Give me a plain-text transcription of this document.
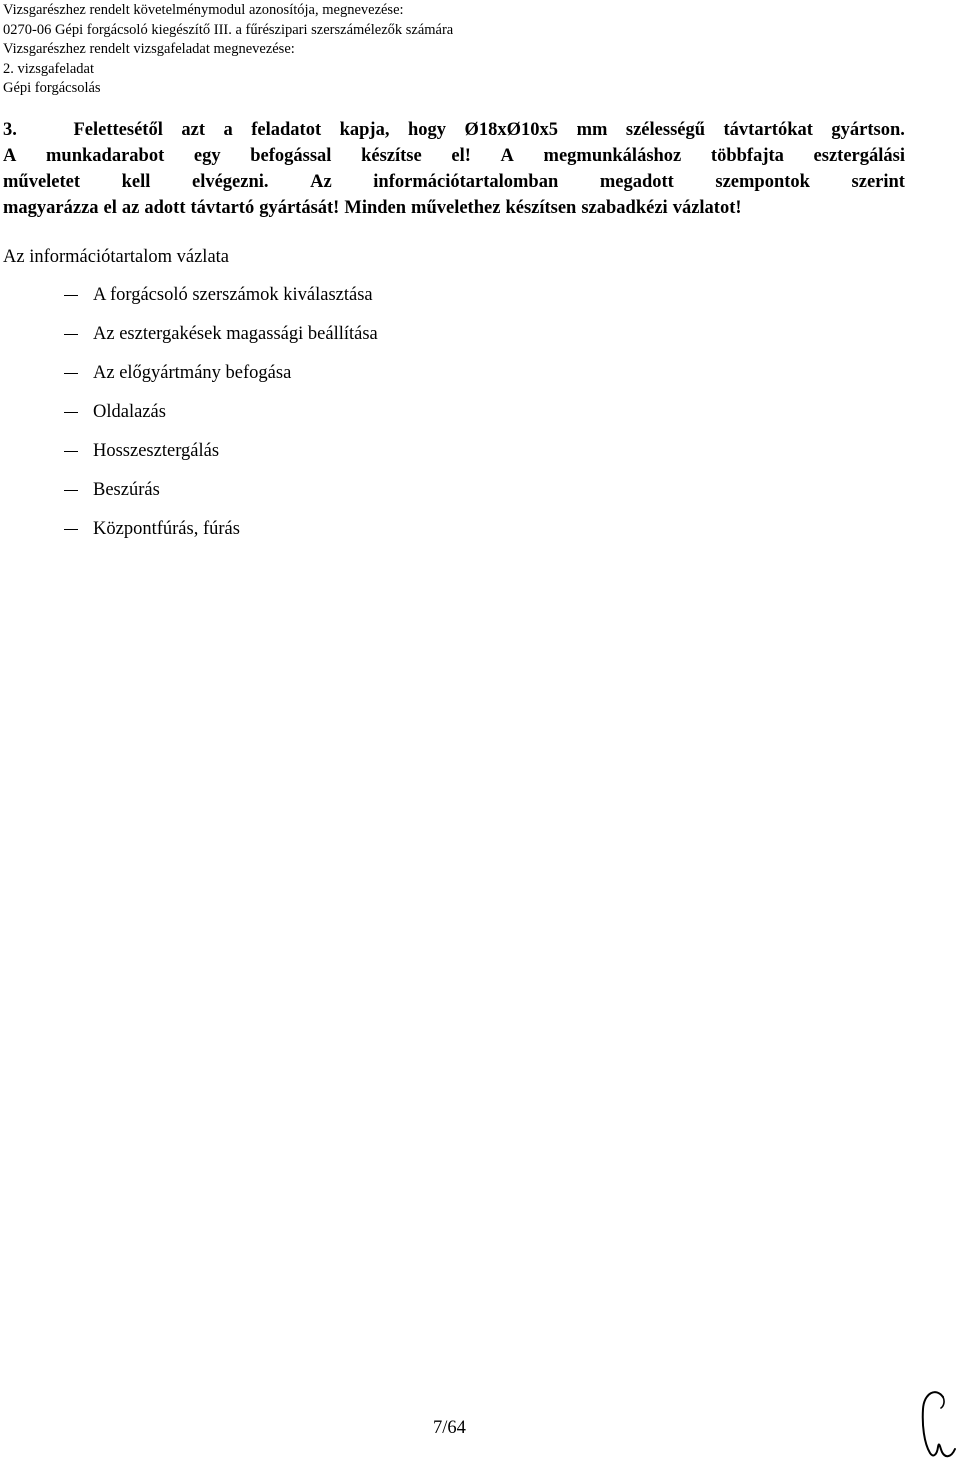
Vizsgarészhez rendelt követelménymodul azonosítója, megnevezése:
0270-06 Gépi forgácsoló kiegészítő III. a fűrészipari szerszámélezők számára
Vizsgarészhez rendelt vizsgafeladat megnevezése:
2. vizsgafeladat
Gépi forgácsolás
3.	Felettesétől azt a feladatot kapja, hogy Ø18xØ10x5 mm szélességű távtartókat gyártson.
A munkadarabot egy befogással készítse el! A megmunkáláshoz többfajta esztergálási
műveletet kell elvégezni. Az információtartalomban megadott szempontok szerint
magyarázza el az adott távtartó gyártását! Minden művelethez készítsen szabadkézi vázlatot!
Az információtartalom vázlata
A forgácsoló szerszámok kiválasztása
Az esztergakések magassági beállítása
Az előgyártmány befogása
Oldalazás
Hosszesztergálás
Beszúrás
Központfúrás, fúrás
7/64
